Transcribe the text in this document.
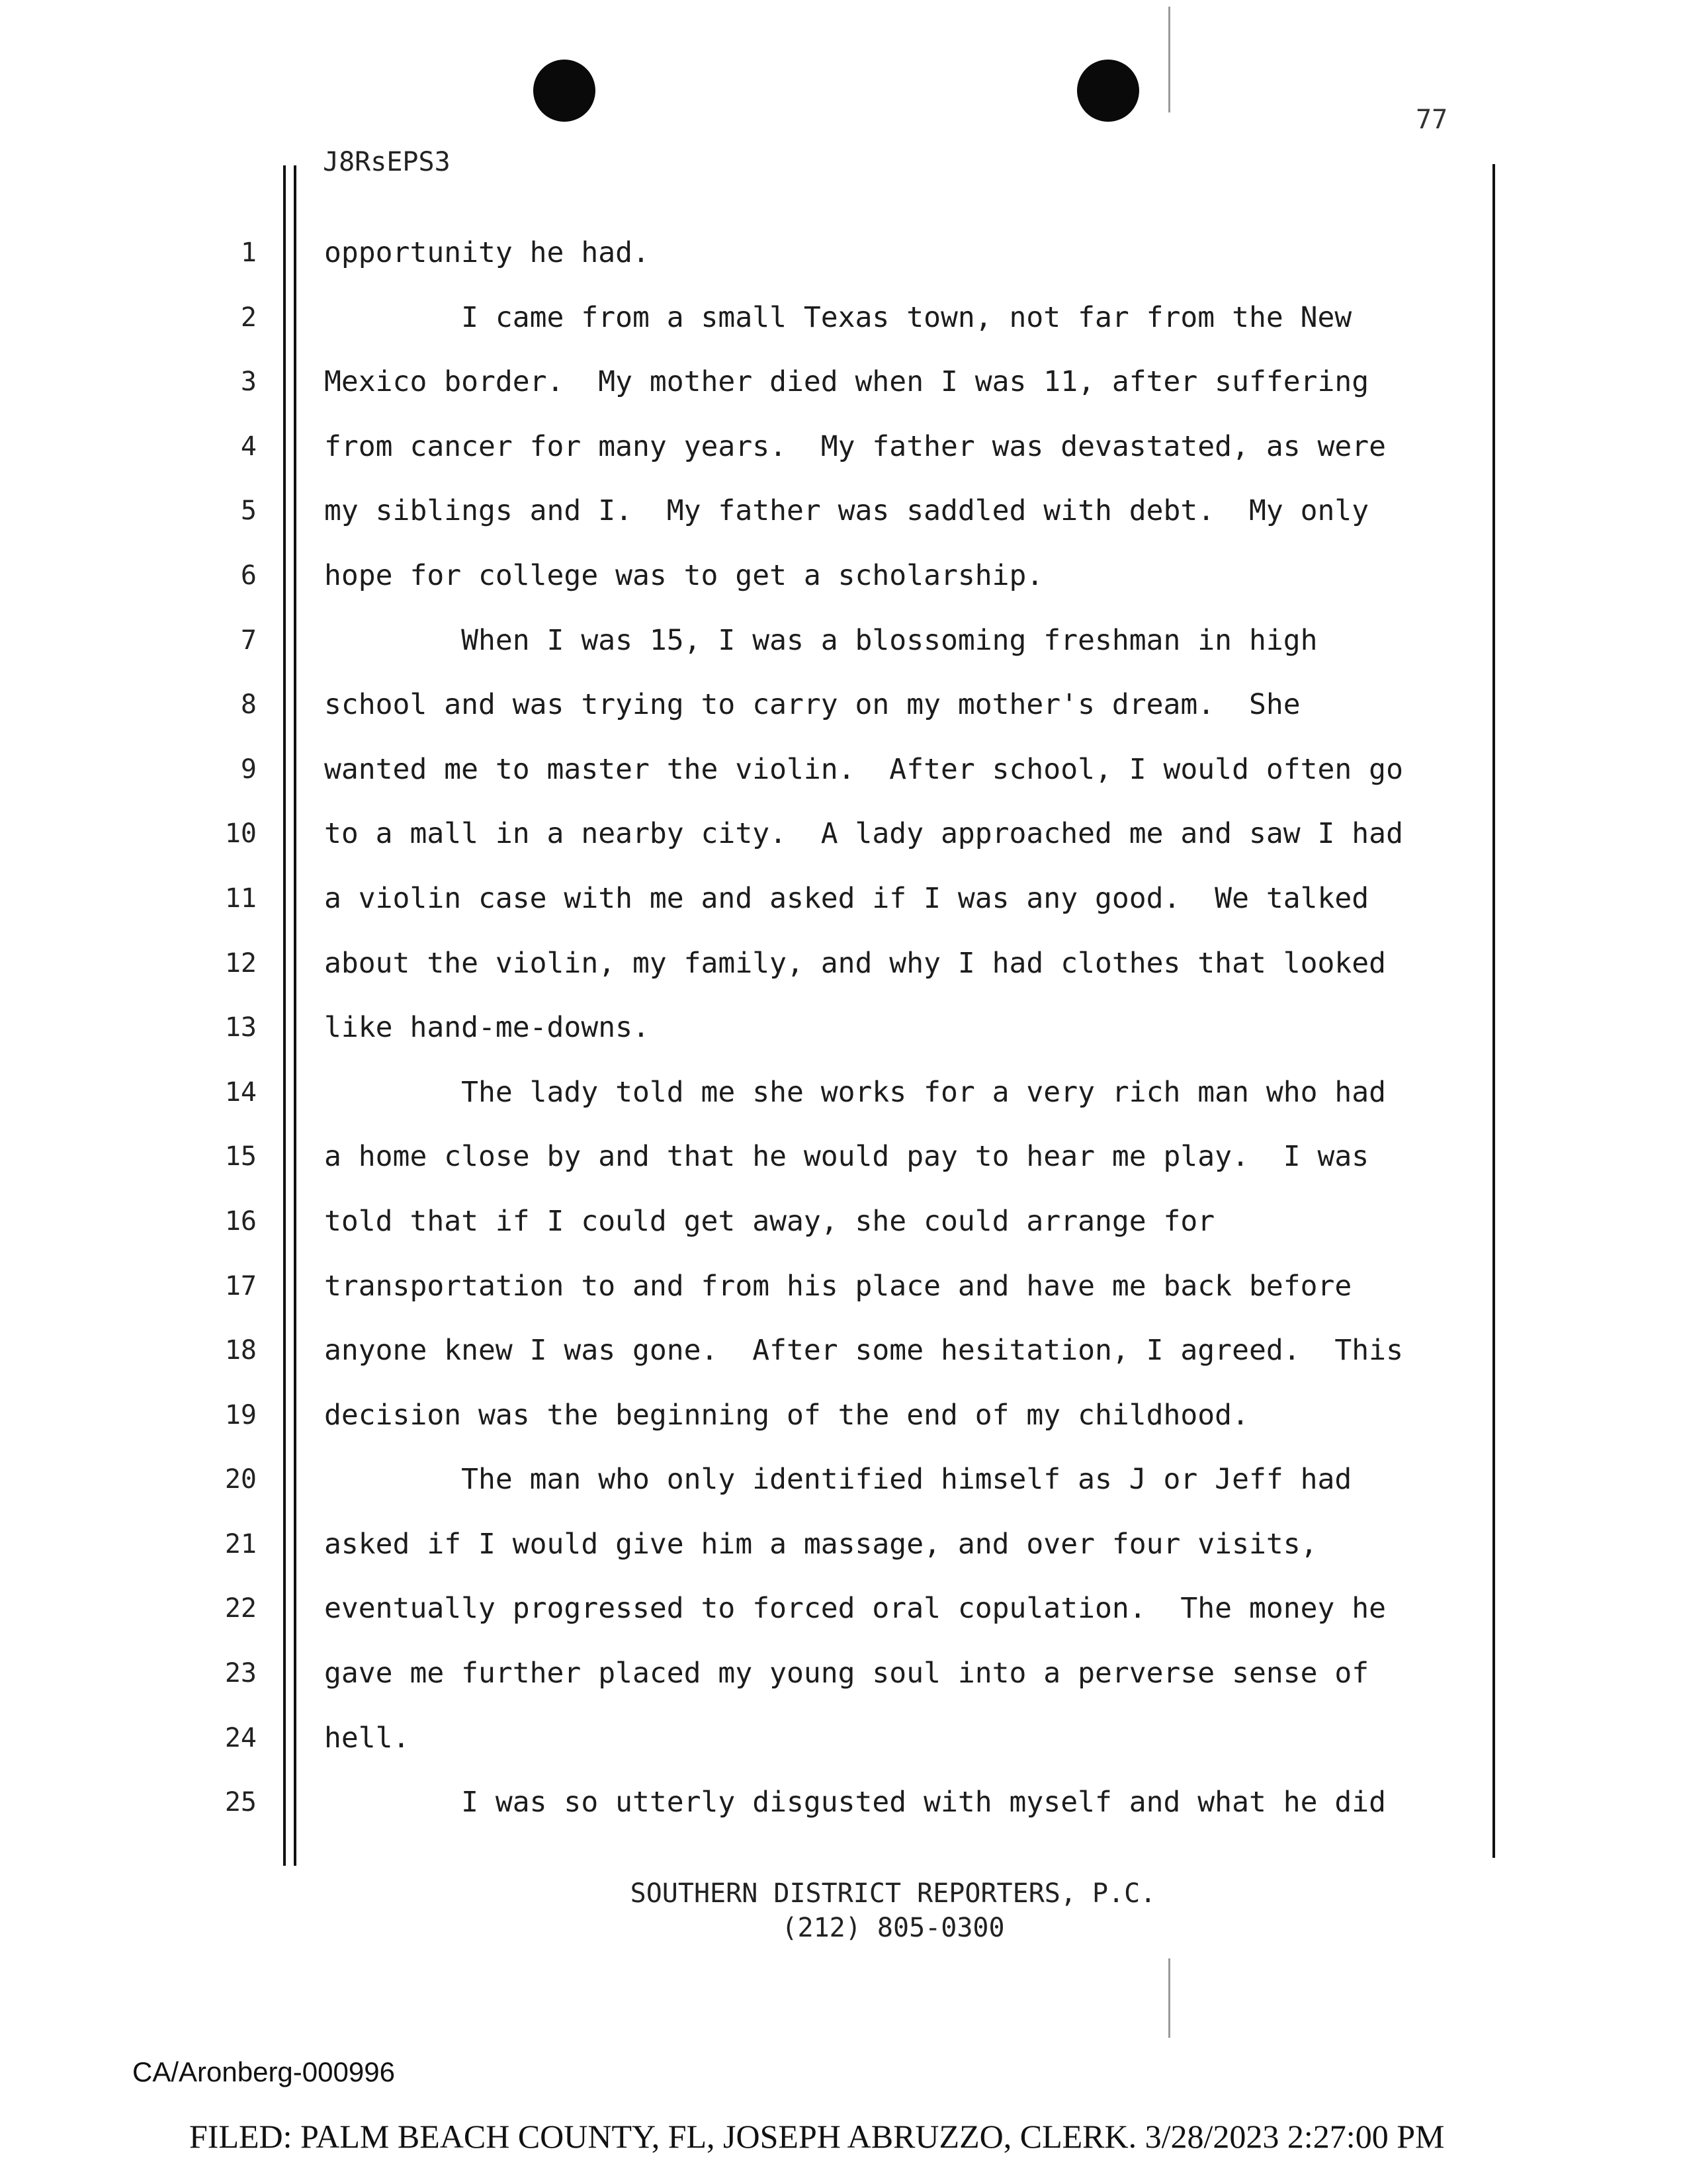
77
J8RsEPS3
1
2
3
4
5
6
7
8
9
10
11
12
13
14
15
16
17
18
19
20
21
22
23
24
25
opportunity he had.
I came from a small Texas town, not far from the New
Mexico border.  My mother died when I was 11, after suffering
from cancer for many years.  My father was devastated, as were
my siblings and I.  My father was saddled with debt.  My only
hope for college was to get a scholarship.
When I was 15, I was a blossoming freshman in high
school and was trying to carry on my mother's dream.  She
wanted me to master the violin.  After school, I would often go
to a mall in a nearby city.  A lady approached me and saw I had
a violin case with me and asked if I was any good.  We talked
about the violin, my family, and why I had clothes that looked
like hand-me-downs.
The lady told me she works for a very rich man who had
a home close by and that he would pay to hear me play.  I was
told that if I could get away, she could arrange for
transportation to and from his place and have me back before
anyone knew I was gone.  After some hesitation, I agreed.  This
decision was the beginning of the end of my childhood.
The man who only identified himself as J or Jeff had
asked if I would give him a massage, and over four visits,
eventually progressed to forced oral copulation.  The money he
gave me further placed my young soul into a perverse sense of
hell.
I was so utterly disgusted with myself and what he did
SOUTHERN DISTRICT REPORTERS, P.C.
(212) 805-0300
CA/Aronberg-000996
FILED: PALM BEACH COUNTY, FL, JOSEPH ABRUZZO, CLERK. 3/28/2023 2:27:00 PM
